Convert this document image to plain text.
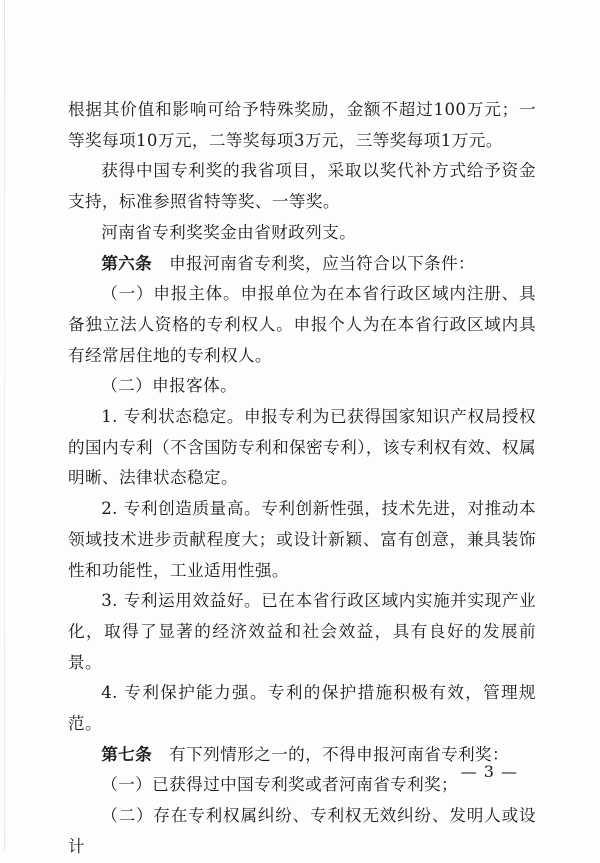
根据其价值和影响可给予特殊奖励，金额不超过100万元；一等奖每项10万元，二等奖每项3万元，三等奖每项1万元。

获得中国专利奖的我省项目，采取以奖代补方式给予资金支持，标准参照省特等奖、一等奖。

河南省专利奖奖金由省财政列支。

第六条　申报河南省专利奖，应当符合以下条件：

（一）申报主体。申报单位为在本省行政区域内注册、具备独立法人资格的专利权人。申报个人为在本省行政区域内具有经常居住地的专利权人。

（二）申报客体。

1. 专利状态稳定。申报专利为已获得国家知识产权局授权的国内专利（不含国防专利和保密专利），该专利权有效、权属明晰、法律状态稳定。

2. 专利创造质量高。专利创新性强，技术先进，对推动本领域技术进步贡献程度大；或设计新颖、富有创意，兼具装饰性和功能性，工业适用性强。

3. 专利运用效益好。已在本省行政区域内实施并实现产业化，取得了显著的经济效益和社会效益，具有良好的发展前景。

4. 专利保护能力强。专利的保护措施积极有效，管理规范。

第七条　有下列情形之一的，不得申报河南省专利奖：

（一）已获得过中国专利奖或者河南省专利奖；

（二）存在专利权属纠纷、专利权无效纠纷、发明人或设计

— 3 —
